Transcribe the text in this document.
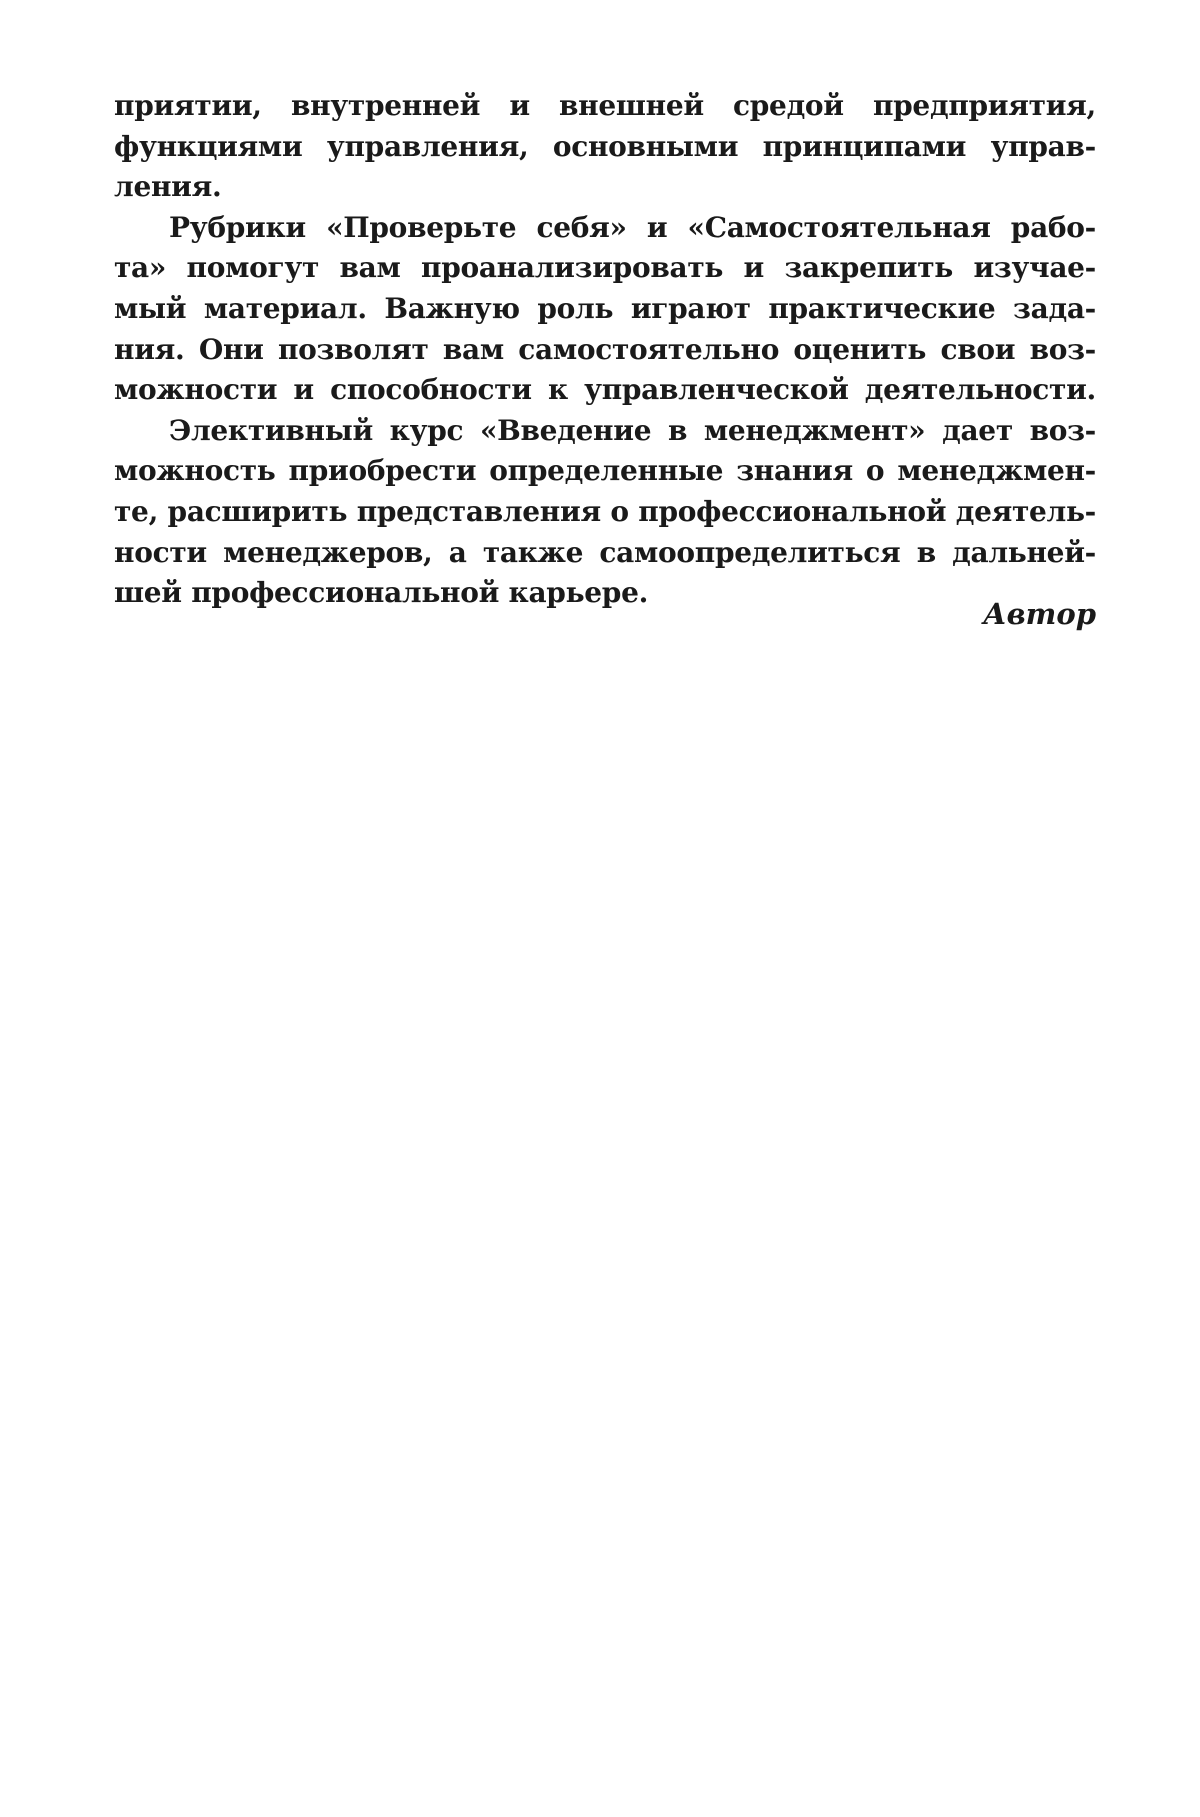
приятии, внутренней и внешней средой предприятия,
функциями управления, основными принципами управ-
ления.
Рубрики «Проверьте себя» и «Самостоятельная рабо-
та» помогут вам проанализировать и закрепить изучае-
мый материал. Важную роль играют практические зада-
ния. Они позволят вам самостоятельно оценить свои воз-
можности и способности к управленческой деятельности.
Элективный курс «Введение в менеджмент» дает воз-
можность приобрести определенные знания о менеджмен-
те, расширить представления о профессиональной деятель-
ности менеджеров, а также самоопределиться в дальней-
шей профессиональной карьере.
Автор
